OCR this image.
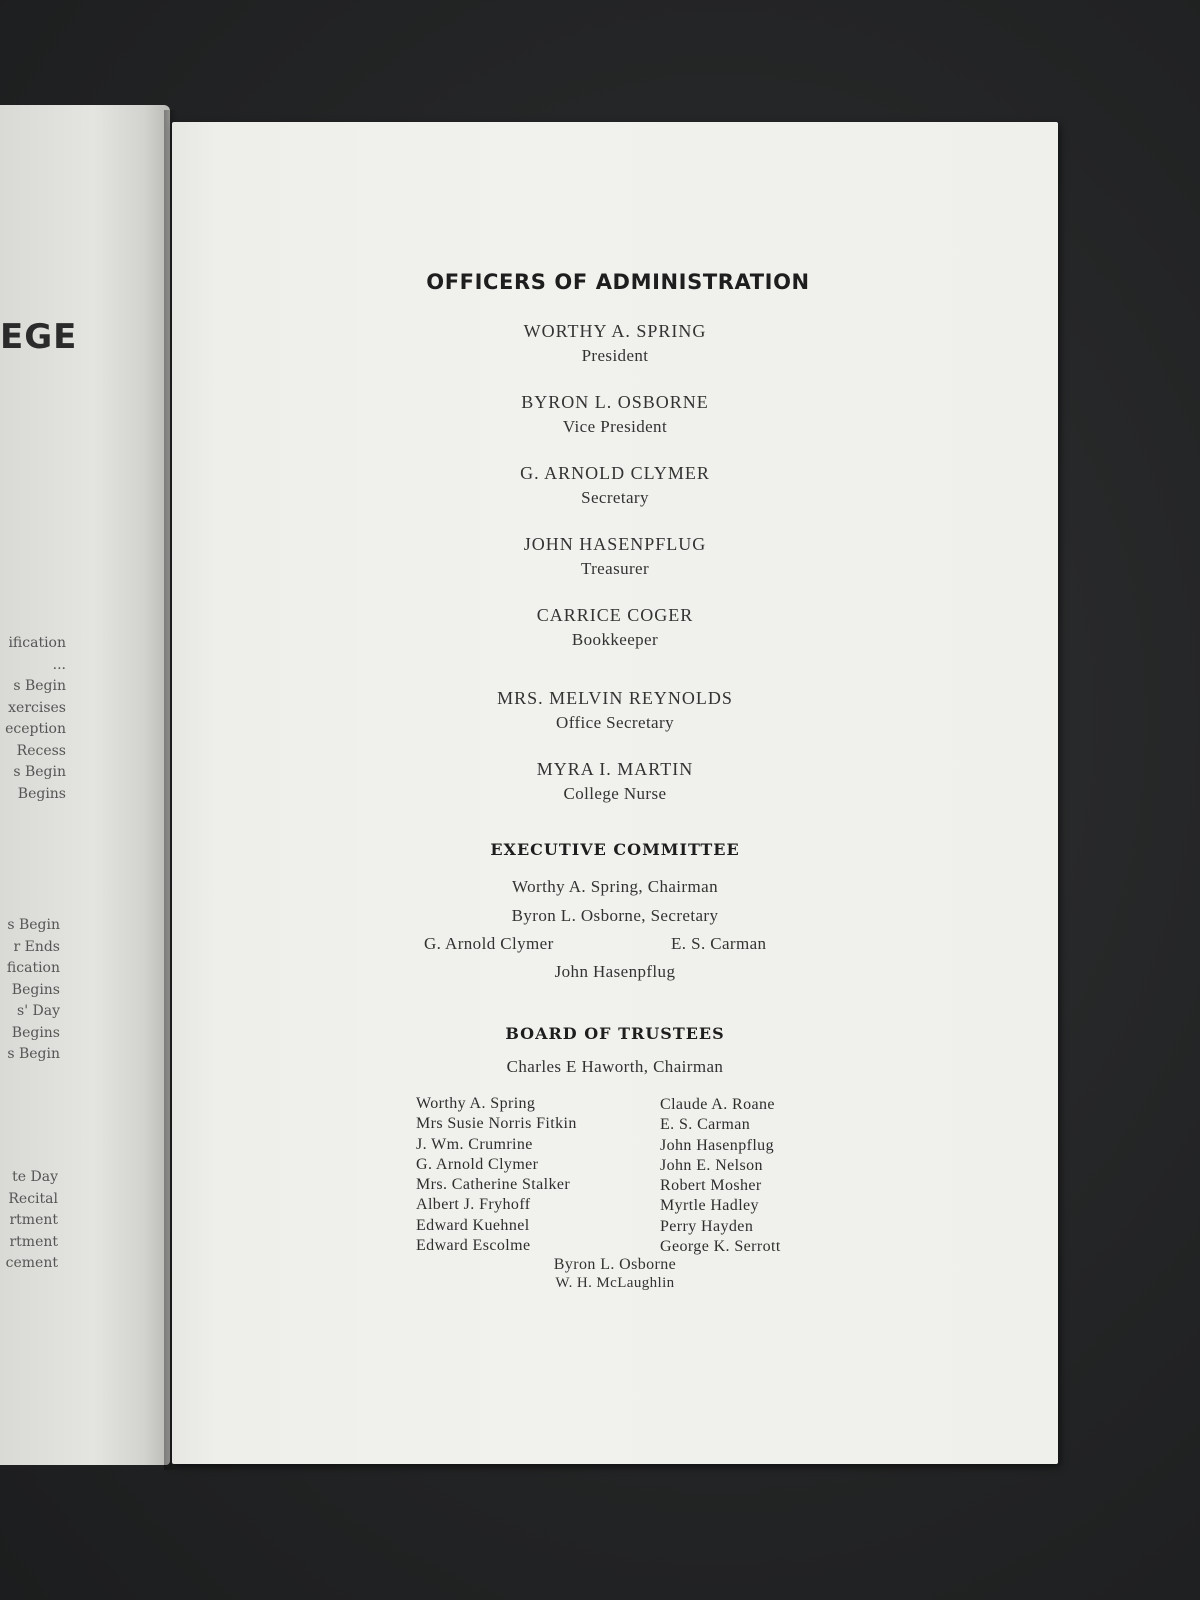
EGE
ification
...
s Begin
xercises
eception
Recess
s Begin
Begins
s Begin
r Ends
fication
Begins
s' Day
Begins
s Begin
te Day
Recital
rtment
rtment
cement
OFFICERS OF ADMINISTRATION
WORTHY A. SPRING
President
BYRON L. OSBORNE
Vice President
G. ARNOLD CLYMER
Secretary
JOHN HASENPFLUG
Treasurer
CARRICE COGER
Bookkeeper
MRS. MELVIN REYNOLDS
Office Secretary
MYRA I. MARTIN
College Nurse
EXECUTIVE COMMITTEE
Worthy A. Spring, Chairman
Byron L. Osborne, Secretary
G. Arnold Clymer	E. S. Carman
John Hasenpflug
BOARD OF TRUSTEES
Charles E Haworth, Chairman
Worthy A. Spring
Mrs Susie Norris Fitkin
J. Wm. Crumrine
G. Arnold Clymer
Mrs. Catherine Stalker
Albert J. Fryhoff
Edward Kuehnel
Edward Escolme
Claude A. Roane
E. S. Carman
John Hasenpflug
John E. Nelson
Robert Mosher
Myrtle Hadley
Perry Hayden
George K. Serrott
Byron L. Osborne
W. H. McLaughlin
